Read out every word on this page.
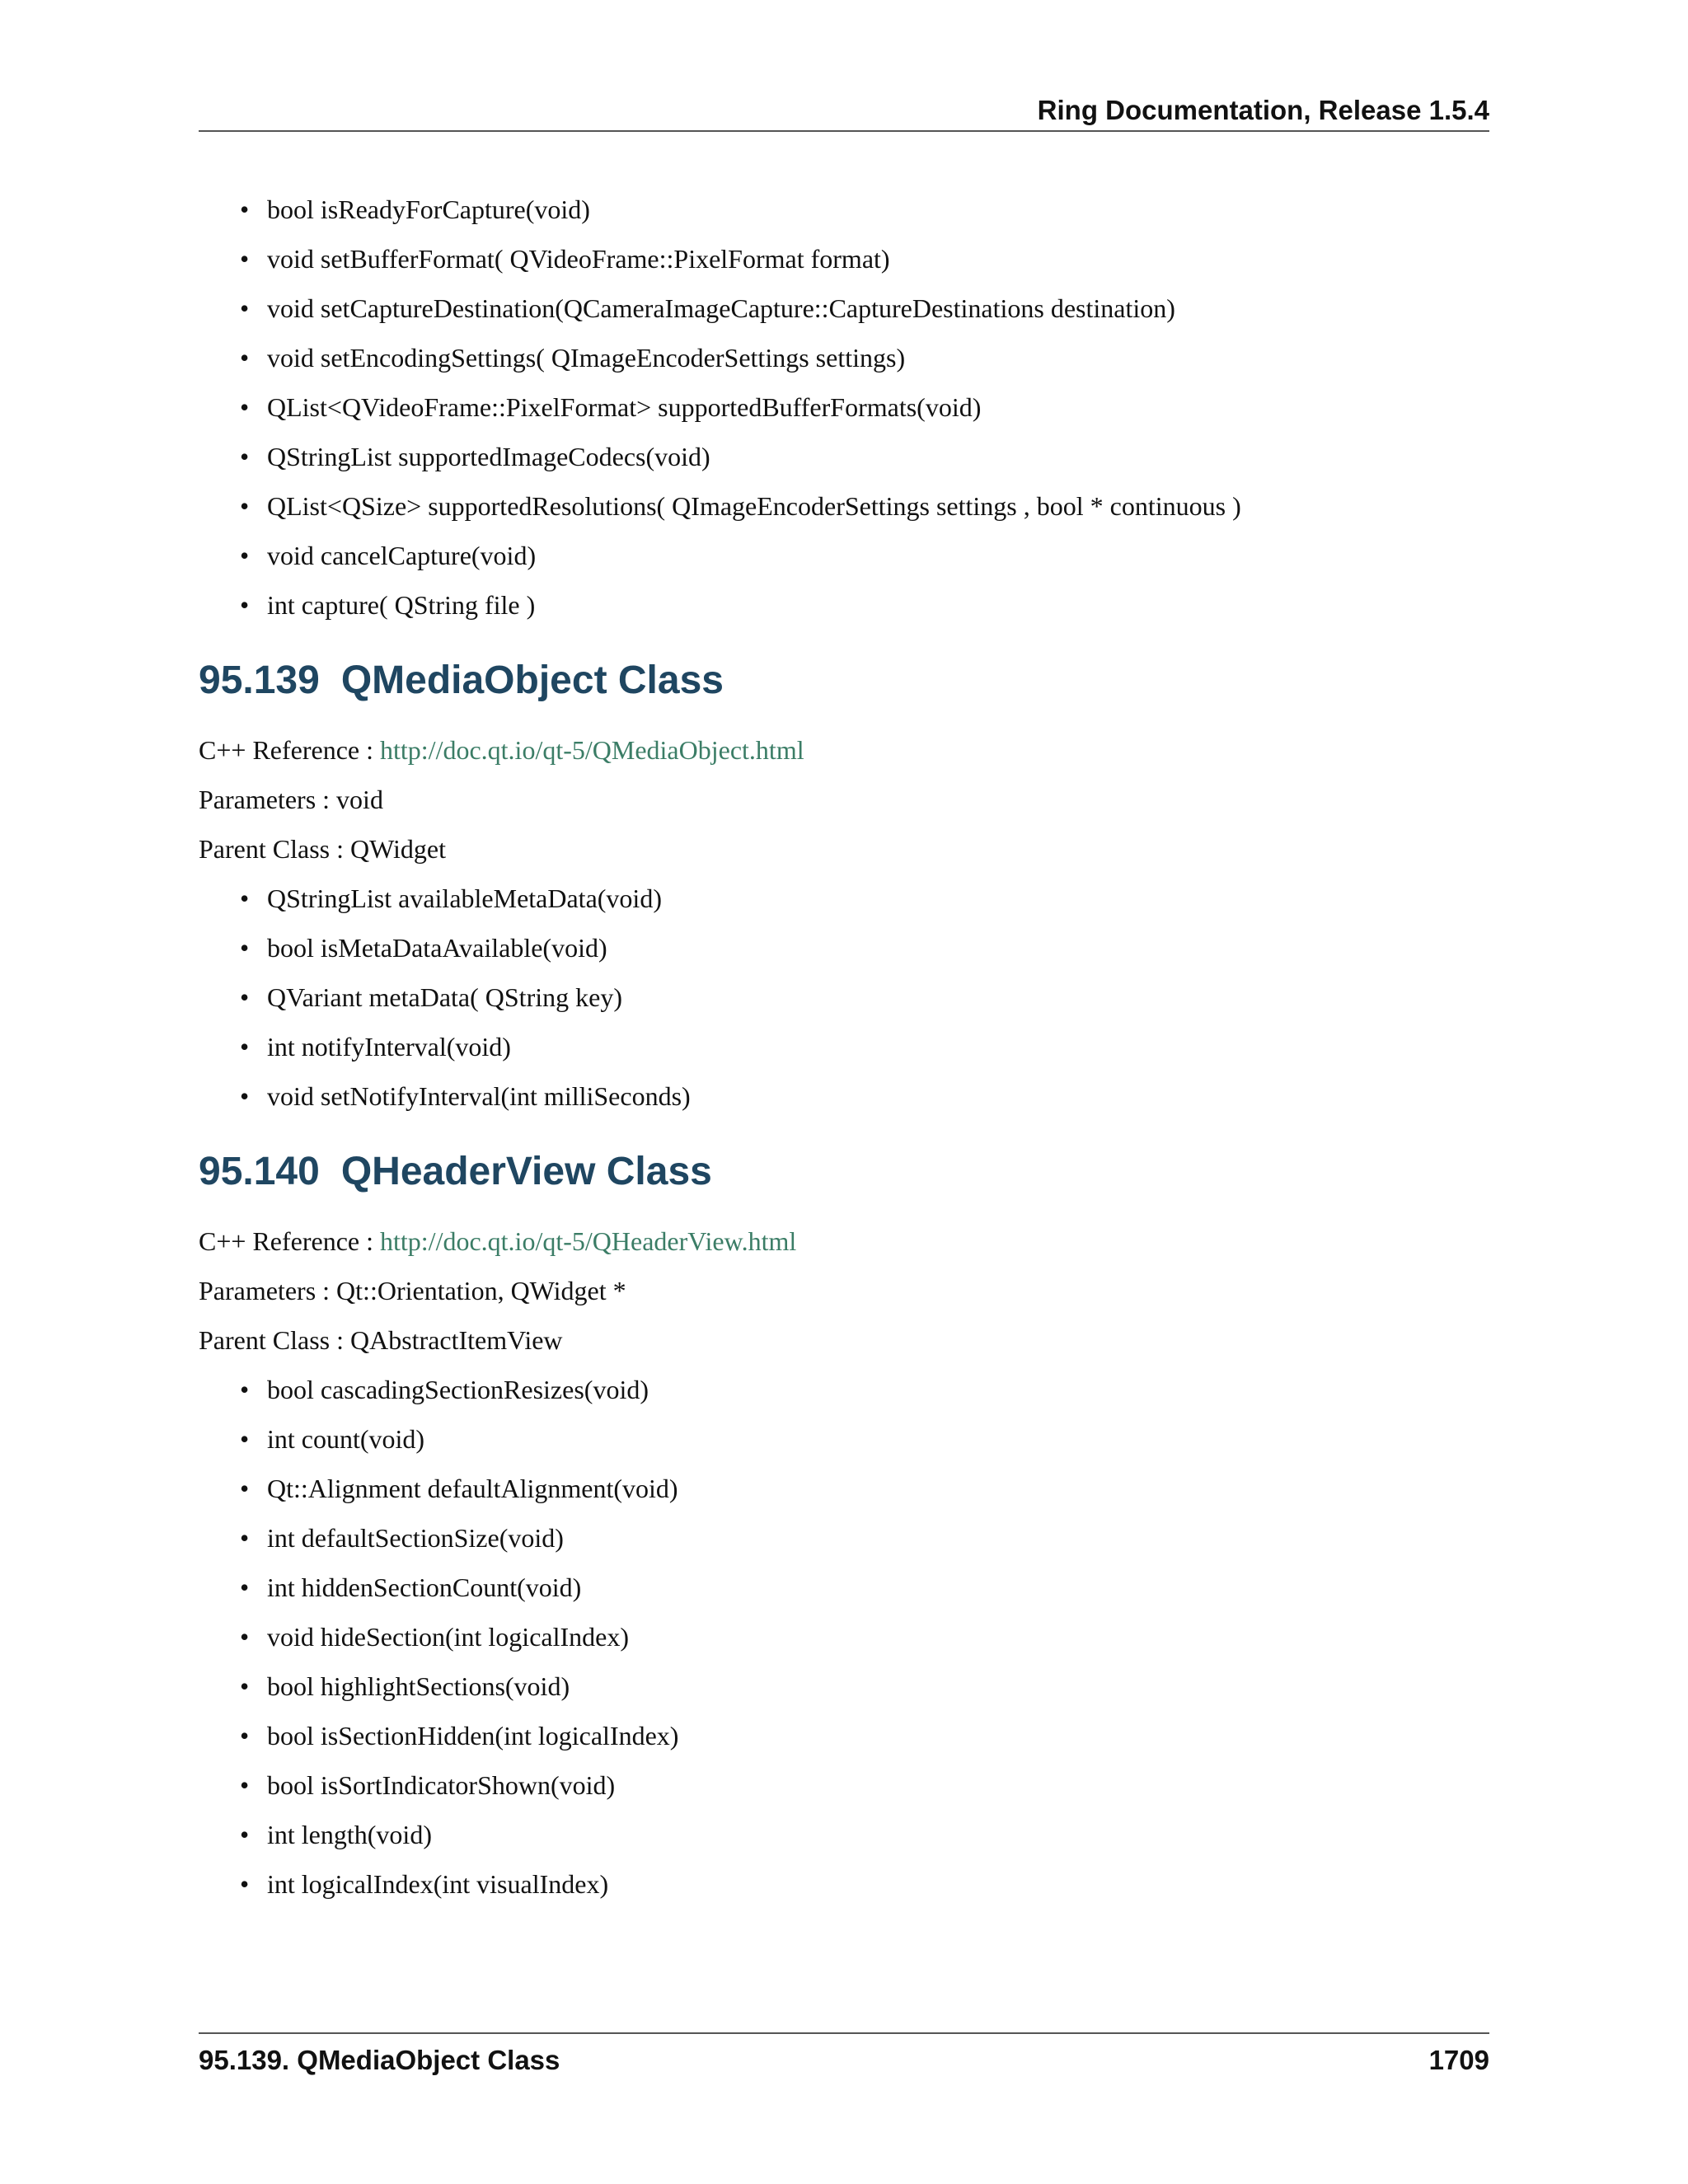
Ring Documentation, Release 1.5.4
• bool isReadyForCapture(void)
• void setBufferFormat( QVideoFrame::PixelFormat format)
• void setCaptureDestination(QCameraImageCapture::CaptureDestinations destination)
• void setEncodingSettings( QImageEncoderSettings settings)
• QList<QVideoFrame::PixelFormat> supportedBufferFormats(void)
• QStringList supportedImageCodecs(void)
• QList<QSize> supportedResolutions( QImageEncoderSettings settings , bool * continuous )
• void cancelCapture(void)
• int capture( QString file )
95.139 QMediaObject Class

C++ Reference : http://doc.qt.io/qt-5/QMediaObject.html

Parameters : void

Parent Class : QWidget

• QStringList availableMetaData(void)
• bool isMetaDataAvailable(void)
• QVariant metaData( QString key)
• int notifyInterval(void)
• void setNotifyInterval(int milliSeconds)
95.140 QHeaderView Class

C++ Reference : http://doc.qt.io/qt-5/QHeaderView.html

Parameters : Qt::Orientation, QWidget *

Parent Class : QAbstractItemView

• bool cascadingSectionResizes(void)
• int count(void)
• Qt::Alignment defaultAlignment(void)
• int defaultSectionSize(void)
• int hiddenSectionCount(void)
• void hideSection(int logicalIndex)
• bool highlightSections(void)
• bool isSectionHidden(int logicalIndex)
• bool isSortIndicatorShown(void)
• int length(void)
• int logicalIndex(int visualIndex)
95.139. QMediaObject Class	1709
